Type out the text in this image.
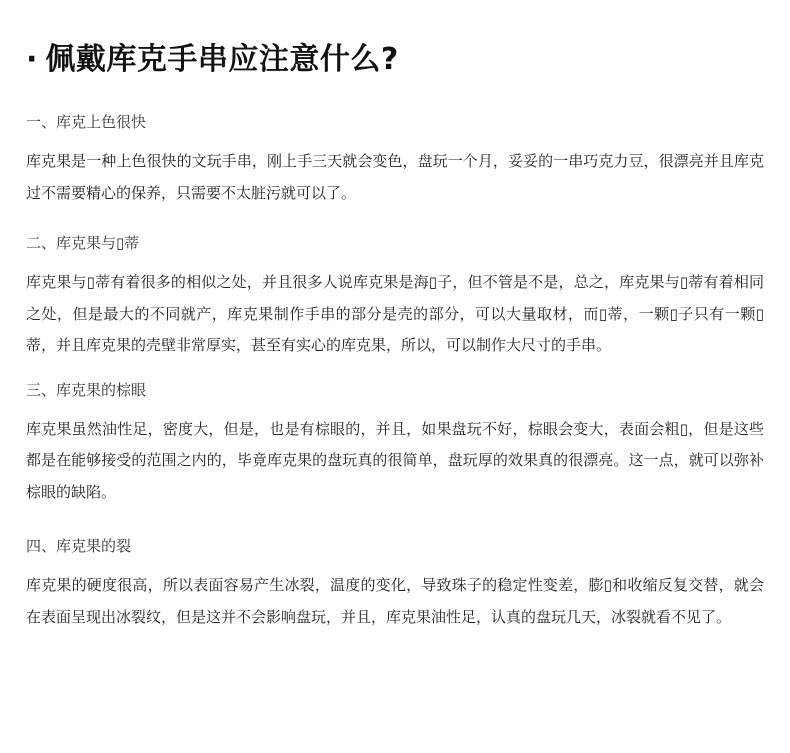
· 佩戴库克手串应注意什么?
一、库克上色很快

库克果是一种上色很快的文玩手串，刚上手三天就会变色，盘玩一个月，妥妥的一串巧克力豆，很漂亮并且库克过不需要精心的保养，只需要不太脏污就可以了。

二、库克果与▯蒂

库克果与▯蒂有着很多的相似之处，并且很多人说库克果是海▯子，但不管是不是，总之，库克果与▯蒂有着相同之处，但是最大的不同就产，库克果制作手串的部分是壳的部分，可以大量取材，而▯蒂，一颗▯子只有一颗▯蒂，并且库克果的壳壁非常厚实，甚至有实心的库克果，所以，可以制作大尺寸的手串。

三、库克果的棕眼

库克果虽然油性足，密度大，但是，也是有棕眼的，并且，如果盘玩不好，棕眼会变大，表面会粗▯，但是这些都是在能够接受的范围之内的，毕竟库克果的盘玩真的很简单，盘玩厚的效果真的很漂亮。这一点，就可以弥补棕眼的缺陷。

四、库克果的裂

库克果的硬度很高，所以表面容易产生冰裂，温度的变化，导致珠子的稳定性变差，膨▯和收缩反复交替，就会在表面呈现出冰裂纹，但是这并不会影响盘玩，并且，库克果油性足，认真的盘玩几天，冰裂就看不见了。
